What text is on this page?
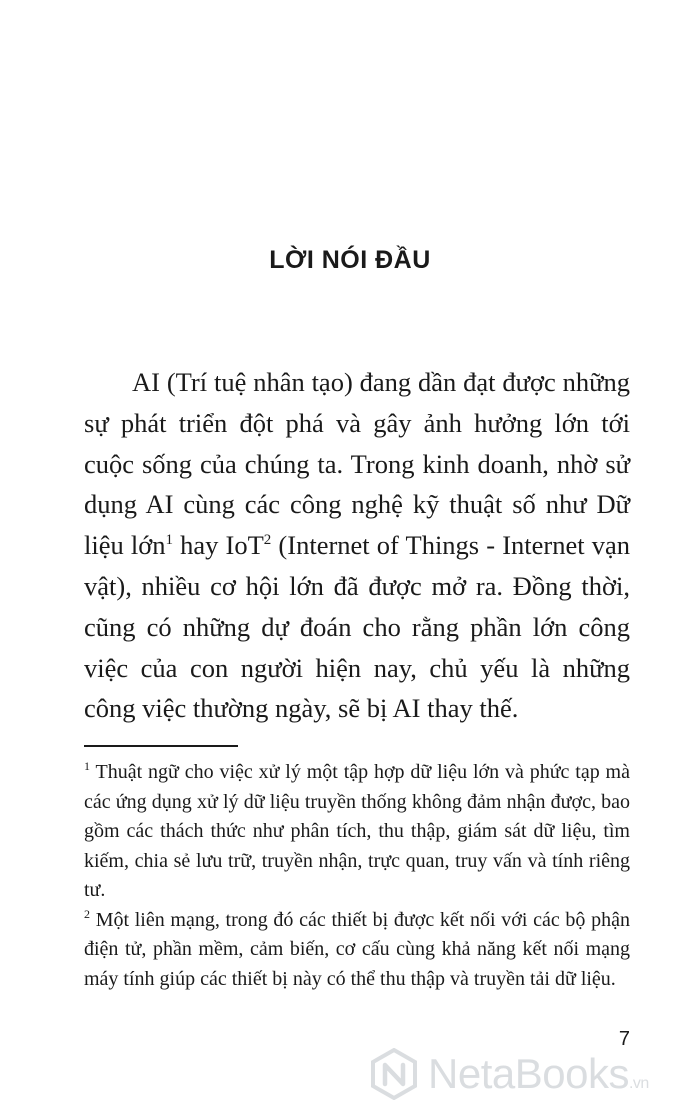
LỜI NÓI ĐẦU

AI (Trí tuệ nhân tạo) đang dần đạt được những sự phát triển đột phá và gây ảnh hưởng lớn tới cuộc sống của chúng ta. Trong kinh doanh, nhờ sử dụng AI cùng các công nghệ kỹ thuật số như Dữ liệu lớn$^1$ hay IoT$^2$ (Internet of Things - Internet vạn vật), nhiều cơ hội lớn đã được mở ra. Đồng thời, cũng có những dự đoán cho rằng phần lớn công việc của con người hiện nay, chủ yếu là những công việc thường ngày, sẽ bị AI thay thế.

$^1$ Thuật ngữ cho việc xử lý một tập hợp dữ liệu lớn và phức tạp mà các ứng dụng xử lý dữ liệu truyền thống không đảm nhận được, bao gồm các thách thức như phân tích, thu thập, giám sát dữ liệu, tìm kiếm, chia sẻ lưu trữ, truyền nhận, trực quan, truy vấn và tính riêng tư.

$^2$ Một liên mạng, trong đó các thiết bị được kết nối với các bộ phận điện tử, phần mềm, cảm biến, cơ cấu cùng khả năng kết nối mạng máy tính giúp các thiết bị này có thể thu thập và truyền tải dữ liệu.

7
NetaBooks.vn
